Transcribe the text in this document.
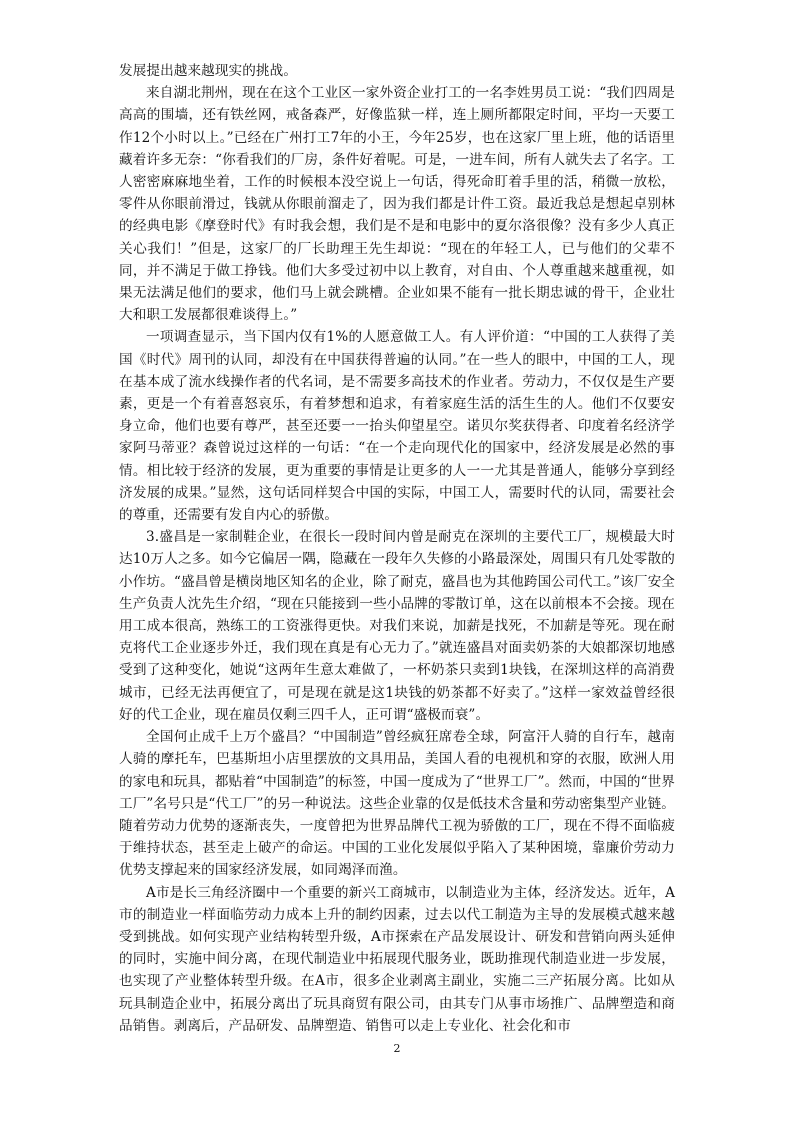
发展提出越来越现实的挑战。

来自湖北荆州，现在在这个工业区一家外资企业打工的一名李姓男员工说：“我们四周是高高的围墙，还有铁丝网，戒备森严，好像监狱一样，连上厕所都限定时间，平均一天要工作12个小时以上。”已经在广州打工7年的小王，今年25岁，也在这家厂里上班，他的话语里藏着许多无奈：“你看我们的厂房，条件好着呢。可是，一进车间，所有人就失去了名字。工人密密麻麻地坐着，工作的时候根本没空说上一句话，得死命盯着手里的活，稍微一放松，零件从你眼前滑过，钱就从你眼前溜走了，因为我们都是计件工资。最近我总是想起卓别林的经典电影《摩登时代》有时我会想，我们是不是和电影中的夏尔洛很像？没有多少人真正关心我们！”但是，这家厂的厂长助理王先生却说：“现在的年轻工人，已与他们的父辈不同，并不满足于做工挣钱。他们大多受过初中以上教育，对自由、个人尊重越来越重视，如果无法满足他们的要求，他们马上就会跳槽。企业如果不能有一批长期忠诚的骨干，企业壮大和职工发展都很难谈得上。”

一项调查显示，当下国内仅有1%的人愿意做工人。有人评价道：“中国的工人获得了美国《时代》周刊的认同，却没有在中国获得普遍的认同。”在一些人的眼中，中国的工人，现在基本成了流水线操作者的代名词，是不需要多高技术的作业者。劳动力，不仅仅是生产要素，更是一个有着喜怒哀乐，有着梦想和追求，有着家庭生活的活生生的人。他们不仅要安身立命，他们也要有尊严，甚至还要一一抬头仰望星空。诺贝尔奖获得者、印度着名经济学家阿马蒂亚？森曾说过这样的一句话：“在一个走向现代化的国家中，经济发展是必然的事情。相比较于经济的发展，更为重要的事情是让更多的人一一尤其是普通人，能够分享到经济发展的成果。”显然，这句话同样契合中国的实际，中国工人，需要时代的认同，需要社会的尊重，还需要有发自内心的骄傲。

3.盛昌是一家制鞋企业，在很长一段时间内曾是耐克在深圳的主要代工厂，规模最大时达10万人之多。如今它偏居一隅，隐藏在一段年久失修的小路最深处，周围只有几处零散的小作坊。“盛昌曾是横岗地区知名的企业，除了耐克，盛昌也为其他跨国公司代工。”该厂安全生产负责人沈先生介绍，“现在只能接到一些小品牌的零散订单，这在以前根本不会接。现在用工成本很高，熟练工的工资涨得更快。对我们来说，加薪是找死，不加薪是等死。现在耐克将代工企业逐步外迁，我们现在真是有心无力了。”就连盛昌对面卖奶茶的大娘都深切地感受到了这种变化，她说“这两年生意太难做了，一杯奶茶只卖到1块钱，在深圳这样的高消费城市，已经无法再便宜了，可是现在就是这1块钱的奶茶都不好卖了。”这样一家效益曾经很好的代工企业，现在雇员仅剩三四千人，正可谓“盛极而衰”。

全国何止成千上万个盛昌？“中国制造”曾经疯狂席卷全球，阿富汗人骑的自行车，越南人骑的摩托车，巴基斯坦小店里摆放的文具用品，美国人看的电视机和穿的衣服，欧洲人用的家电和玩具，都贴着“中国制造”的标签，中国一度成为了“世界工厂”。然而，中国的“世界工厂”名号只是“代工厂”的另一种说法。这些企业靠的仅是低技术含量和劳动密集型产业链。随着劳动力优势的逐渐丧失，一度曾把为世界品牌代工视为骄傲的工厂，现在不得不面临疲于维持状态，甚至走上破产的命运。中国的工业化发展似乎陷入了某种困境，靠廉价劳动力优势支撑起来的国家经济发展，如同竭泽而渔。

A市是长三角经济圈中一个重要的新兴工商城市，以制造业为主体，经济发达。近年，A市的制造业一样面临劳动力成本上升的制约因素，过去以代工制造为主导的发展模式越来越受到挑战。如何实现产业结构转型升级，A市探索在产品发展设计、研发和营销向两头延伸的同时，实施中间分离，在现代制造业中拓展现代服务业，既助推现代制造业进一步发展，也实现了产业整体转型升级。在A市，很多企业剥离主副业，实施二三产拓展分离。比如从玩具制造企业中，拓展分离出了玩具商贸有限公司，由其专门从事市场推广、品牌塑造和商品销售。剥离后，产品研发、品牌塑造、销售可以走上专业化、社会化和市

2
